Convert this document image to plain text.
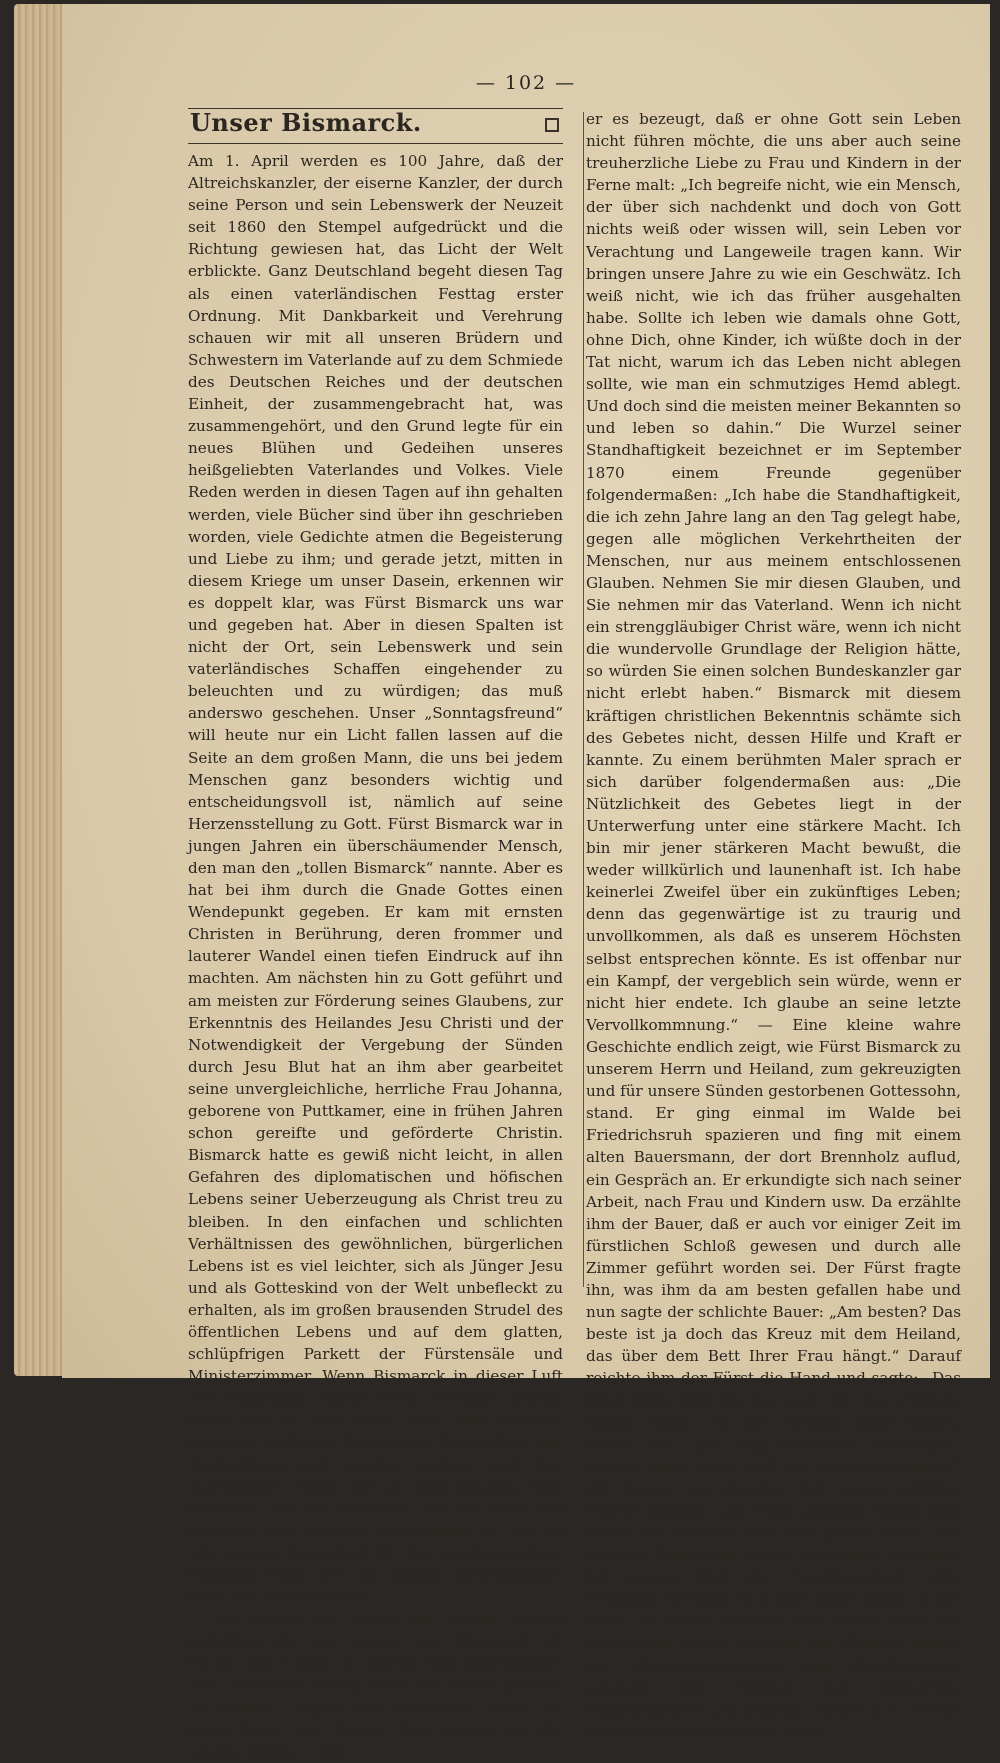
— 102 —
Unser Bismarck.

Am 1. April werden es 100 Jahre, daß der Altreichskanzler, der eiserne Kanzler, der durch seine Person und sein Lebenswerk der Neuzeit seit 1860 den Stempel aufgedrückt und die Richtung gewiesen hat, das Licht der Welt erblickte. Ganz Deutschland begeht diesen Tag als einen vaterländischen Festtag erster Ordnung. Mit Dankbarkeit und Verehrung schauen wir mit all unseren Brüdern und Schwestern im Vaterlande auf zu dem Schmiede des Deutschen Reiches und der deutschen Einheit, der zusammengebracht hat, was zusammengehört, und den Grund legte für ein neues Blühen und Gedeihen unseres heißgeliebten Vaterlandes und Volkes. Viele Reden werden in diesen Tagen auf ihn gehalten werden, viele Bücher sind über ihn geschrieben worden, viele Gedichte atmen die Begeisterung und Liebe zu ihm; und gerade jetzt, mitten in diesem Kriege um unser Dasein, erkennen wir es doppelt klar, was Fürst Bismarck uns war und gegeben hat. Aber in diesen Spalten ist nicht der Ort, sein Lebenswerk und sein vaterländisches Schaffen eingehender zu beleuchten und zu würdigen; das muß anderswo geschehen. Unser „Sonntagsfreund“ will heute nur ein Licht fallen lassen auf die Seite an dem großen Mann, die uns bei jedem Menschen ganz besonders wichtig und entscheidungsvoll ist, nämlich auf seine Herzensstellung zu Gott. Fürst Bismarck war in jungen Jahren ein überschäumender Mensch, den man den „tollen Bismarck“ nannte. Aber es hat bei ihm durch die Gnade Gottes einen Wendepunkt gegeben. Er kam mit ernsten Christen in Berührung, deren frommer und lauterer Wandel einen tiefen Eindruck auf ihn machten. Am nächsten hin zu Gott geführt und am meisten zur Förderung seines Glaubens, zur Erkenntnis des Heilandes Jesu Christi und der Notwendigkeit der Vergebung der Sünden durch Jesu Blut hat an ihm aber gearbeitet seine unvergleichliche, herrliche Frau Johanna, geborene von Puttkamer, eine in frühen Jahren schon gereifte und geförderte Christin. Bismarck hatte es gewiß nicht leicht, in allen Gefahren des diplomatischen und höfischen Lebens seiner Ueberzeugung als Christ treu zu bleiben. In den einfachen und schlichten Verhältnissen des gewöhnlichen, bürgerlichen Lebens ist es viel leichter, sich als Jünger Jesu und als Gotteskind von der Welt unbefleckt zu erhalten, als im großen brausenden Strudel des öffentlichen Lebens und auf dem glatten, schlüpfrigen Parkett der Fürstensäle und Ministerzimmer. Wenn Bismarck in dieser Luft vor Vergiftung seiner Seele bewahrt wurde, wenn wir in ihm nicht bloß den starken, geraden, ehrlichen Staatsmann bewundern, der Deutschland groß machte, sondern auch den aufrichtigen Mann, der an Gott glaubte, Gott fürchtete und ihm vertraute, von ihm Hilfe und Beistand sich erflehte, so verdankt er, wie es sein eigener Ausspruch ist, das vor allem seiner frommen Frau, die mit stillem, sanftmütigem Geist um ihn her wirkte.

So wollen wir heute nur einige Stellen anführen, die uns zeigen, wie Bismarck als Christ sein Leben zu führen fest entschlossen war. Herrliche Worte, wert von vielen gelesen zu werden, zeigen uns Bismarcks Briefe an seine Braut und Gattin. Dort finden wir die schöne Stelle, in der

er es bezeugt, daß er ohne Gott sein Leben nicht führen möchte, die uns aber auch seine treuherzliche Liebe zu Frau und Kindern in der Ferne malt: „Ich begreife nicht, wie ein Mensch, der über sich nachdenkt und doch von Gott nichts weiß oder wissen will, sein Leben vor Verachtung und Langeweile tragen kann. Wir bringen unsere Jahre zu wie ein Geschwätz. Ich weiß nicht, wie ich das früher ausgehalten habe. Sollte ich leben wie damals ohne Gott, ohne Dich, ohne Kinder, ich wüßte doch in der Tat nicht, warum ich das Leben nicht ablegen sollte, wie man ein schmutziges Hemd ablegt. Und doch sind die meisten meiner Bekannten so und leben so dahin.“ Die Wurzel seiner Standhaftigkeit bezeichnet er im September 1870 einem Freunde gegenüber folgendermaßen: „Ich habe die Standhaftigkeit, die ich zehn Jahre lang an den Tag gelegt habe, gegen alle möglichen Verkehrtheiten der Menschen, nur aus meinem entschlossenen Glauben. Nehmen Sie mir diesen Glauben, und Sie nehmen mir das Vaterland. Wenn ich nicht ein strenggläubiger Christ wäre, wenn ich nicht die wundervolle Grundlage der Religion hätte, so würden Sie einen solchen Bundeskanzler gar nicht erlebt haben.“ Bismarck mit diesem kräftigen christlichen Bekenntnis schämte sich des Gebetes nicht, dessen Hilfe und Kraft er kannte. Zu einem berühmten Maler sprach er sich darüber folgendermaßen aus: „Die Nützlichkeit des Gebetes liegt in der Unterwerfung unter eine stärkere Macht. Ich bin mir jener stärkeren Macht bewußt, die weder willkürlich und launenhaft ist. Ich habe keinerlei Zweifel über ein zukünftiges Leben; denn das gegenwärtige ist zu traurig und unvollkommen, als daß es unserem Höchsten selbst entsprechen könnte. Es ist offenbar nur ein Kampf, der vergeblich sein würde, wenn er nicht hier endete. Ich glaube an seine letzte Vervollkommnung.“ — Eine kleine wahre Geschichte endlich zeigt, wie Fürst Bismarck zu unserem Herrn und Heiland, zum gekreuzigten und für unsere Sünden gestorbenen Gottessohn, stand. Er ging einmal im Walde bei Friedrichsruh spazieren und fing mit einem alten Bauersmann, der dort Brennholz auflud, ein Gespräch an. Er erkundigte sich nach seiner Arbeit, nach Frau und Kindern usw. Da erzählte ihm der Bauer, daß er auch vor einiger Zeit im fürstlichen Schloß gewesen und durch alle Zimmer geführt worden sei. Der Fürst fragte ihn, was ihm da am besten gefallen habe und nun sagte der schlichte Bauer: „Am besten? Das beste ist ja doch das Kreuz mit dem Heiland, das über dem Bett Ihrer Frau hängt.“ Darauf reichte ihm der Fürst die Hand und sagte: „Das freut mich, daß Sie das auch für das schönste halten. Wenn wir den Heiland nicht hätten, wären wir die unglücklichsten Geschöpfe. Dieser, unser Herr, muß uns über alles gehen.“ Wir freuen uns dankbar, daß unsere größten Führer Glauben und Treue gehalten haben dem Herrn im Himmel und daß dieser Glanz des Fürsten Bismarcks Leben verschönt. Es bleibt bei seinem Wort der Furchtlosigkeit: „Wir Deutsche fürchten Gott und sonst nichts in der Welt.“ In dieser ernsten Zeit wollen auch wir uns an den halten, der uns den Glauben stärkt, der Glaubenszuversicht und Glaubenstrost schenkt. Wir bleiben bei Bismarcks Wappenspruch: „In trinitate robur“ d. h. Meine Stärke ist im dreieinigen Gott!
